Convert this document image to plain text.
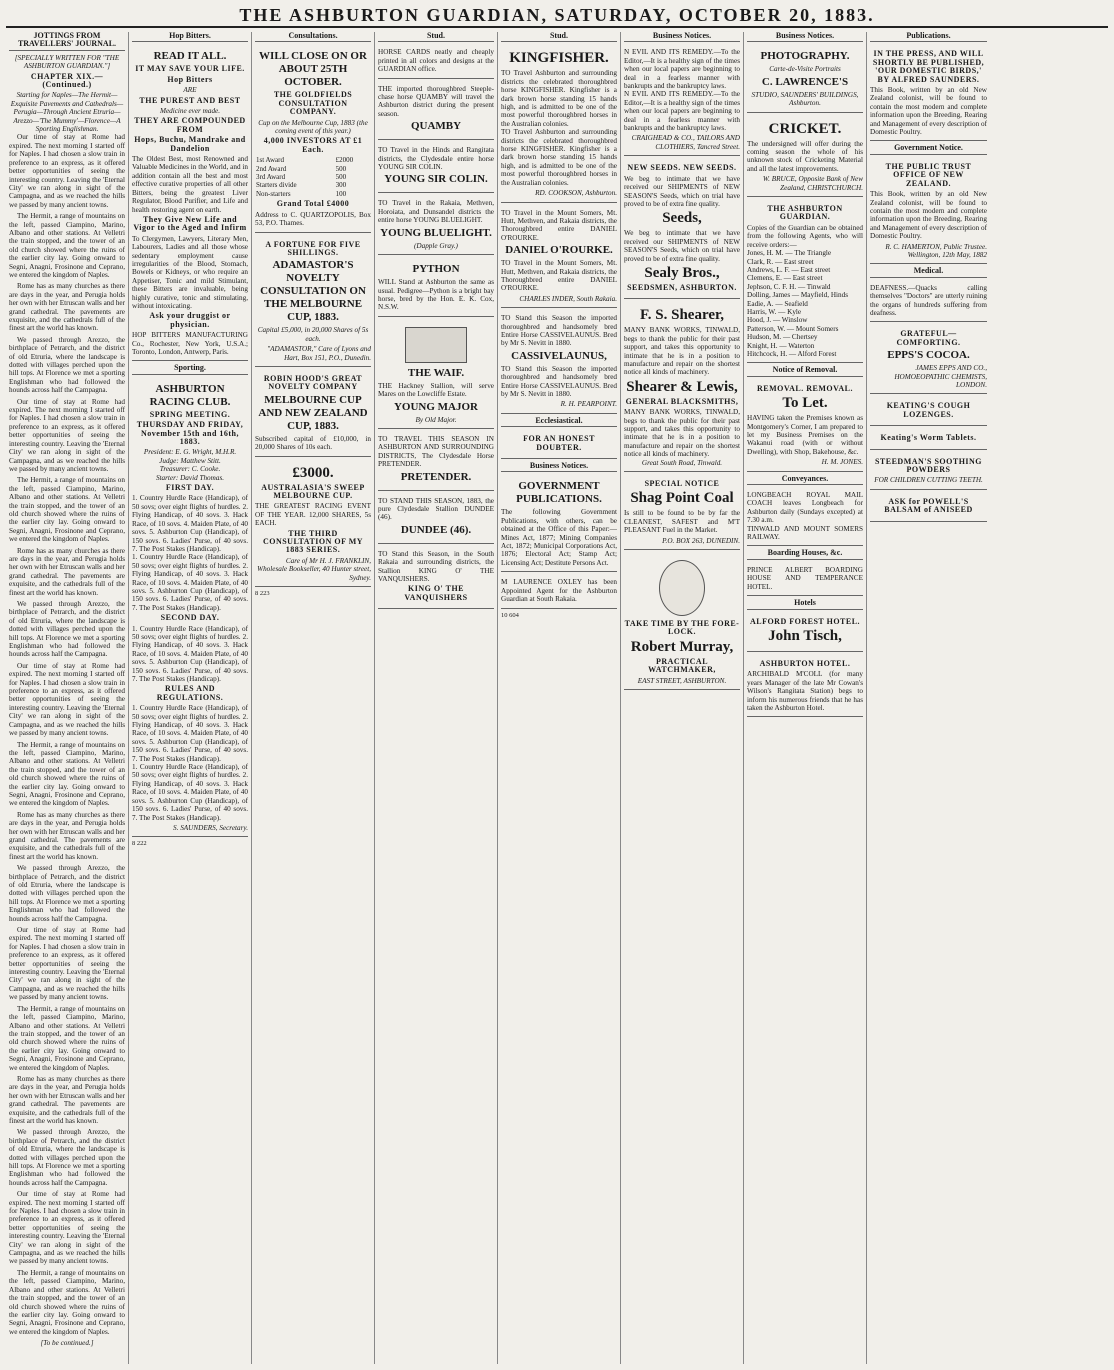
THE ASHBURTON GUARDIAN, SATURDAY, OCTOBER 20, 1883.
JOTTINGS FROM TRAVELLERS' JOURNAL.
[SPECIALLY WRITTEN FOR "THE ASHBURTON GUARDIAN."]
CHAPTER XIX.—(Continued.)
Starting for Naples—The Hermit—Exquisite Pavements and Cathedrals—Perugia—Through Ancient Etruria—Arezzo—'The Mummy'—Florence—A Sporting Englishman.

Our time of stay at Rome had expired. The next morning I started off for Naples. I had chosen a slow train in preference to an express, as it offered better opportunities of seeing the interesting country. Leaving the 'Eternal City' we ran along in sight of the Campagna, and as we reached the hills we passed by many ancient towns.

The Hermit, a range of mountains on the left, passed Ciampino, Marino, Albano and other stations. At Velletri the train stopped, and the tower of an old church showed where the ruins of the earlier city lay. Going onward to Segni, Anagni, Frosinone and Ceprano, we entered the kingdom of Naples.

Rome has as many churches as there are days in the year, and Perugia holds her own with her Etruscan walls and her grand cathedral. The pavements are exquisite, and the cathedrals full of the finest art the world has known.

We passed through Arezzo, the birthplace of Petrarch, and the district of old Etruria, where the landscape is dotted with villages perched upon the hill tops. At Florence we met a sporting Englishman who had followed the hounds across half the Campagna.

Our time of stay at Rome had expired. The next morning I started off for Naples. I had chosen a slow train in preference to an express, as it offered better opportunities of seeing the interesting country. Leaving the 'Eternal City' we ran along in sight of the Campagna, and as we reached the hills we passed by many ancient towns.

The Hermit, a range of mountains on the left, passed Ciampino, Marino, Albano and other stations. At Velletri the train stopped, and the tower of an old church showed where the ruins of the earlier city lay. Going onward to Segni, Anagni, Frosinone and Ceprano, we entered the kingdom of Naples.

Rome has as many churches as there are days in the year, and Perugia holds her own with her Etruscan walls and her grand cathedral. The pavements are exquisite, and the cathedrals full of the finest art the world has known.

We passed through Arezzo, the birthplace of Petrarch, and the district of old Etruria, where the landscape is dotted with villages perched upon the hill tops. At Florence we met a sporting Englishman who had followed the hounds across half the Campagna.

Our time of stay at Rome had expired. The next morning I started off for Naples. I had chosen a slow train in preference to an express, as it offered better opportunities of seeing the interesting country. Leaving the 'Eternal City' we ran along in sight of the Campagna, and as we reached the hills we passed by many ancient towns.

The Hermit, a range of mountains on the left, passed Ciampino, Marino, Albano and other stations. At Velletri the train stopped, and the tower of an old church showed where the ruins of the earlier city lay. Going onward to Segni, Anagni, Frosinone and Ceprano, we entered the kingdom of Naples.

Rome has as many churches as there are days in the year, and Perugia holds her own with her Etruscan walls and her grand cathedral. The pavements are exquisite, and the cathedrals full of the finest art the world has known.

We passed through Arezzo, the birthplace of Petrarch, and the district of old Etruria, where the landscape is dotted with villages perched upon the hill tops. At Florence we met a sporting Englishman who had followed the hounds across half the Campagna.

Our time of stay at Rome had expired. The next morning I started off for Naples. I had chosen a slow train in preference to an express, as it offered better opportunities of seeing the interesting country. Leaving the 'Eternal City' we ran along in sight of the Campagna, and as we reached the hills we passed by many ancient towns.

The Hermit, a range of mountains on the left, passed Ciampino, Marino, Albano and other stations. At Velletri the train stopped, and the tower of an old church showed where the ruins of the earlier city lay. Going onward to Segni, Anagni, Frosinone and Ceprano, we entered the kingdom of Naples.

Rome has as many churches as there are days in the year, and Perugia holds her own with her Etruscan walls and her grand cathedral. The pavements are exquisite, and the cathedrals full of the finest art the world has known.

We passed through Arezzo, the birthplace of Petrarch, and the district of old Etruria, where the landscape is dotted with villages perched upon the hill tops. At Florence we met a sporting Englishman who had followed the hounds across half the Campagna.

Our time of stay at Rome had expired. The next morning I started off for Naples. I had chosen a slow train in preference to an express, as it offered better opportunities of seeing the interesting country. Leaving the 'Eternal City' we ran along in sight of the Campagna, and as we reached the hills we passed by many ancient towns.

The Hermit, a range of mountains on the left, passed Ciampino, Marino, Albano and other stations. At Velletri the train stopped, and the tower of an old church showed where the ruins of the earlier city lay. Going onward to Segni, Anagni, Frosinone and Ceprano, we entered the kingdom of Naples.

[To be continued.]
Hop Bitters.
READ IT ALL.
IT MAY SAVE YOUR LIFE.
Hop Bitters
ARE
THE PUREST AND BEST
Medicine ever made.
THEY ARE COMPOUNDED FROM
Hops, Buchu, Mandrake and Dandelion
The Oldest Best, most Renowned and Valuable Medicines in the World, and in addition contain all the best and most effective curative properties of all other Bitters, being the greatest Liver Regulator, Blood Purifier, and Life and health restoring agent on earth.
They Give New Life and Vigor to the Aged and Infirm
To Clergymen, Lawyers, Literary Men, Labourers, Ladies and all those whose sedentary employment cause irregularities of the Blood, Stomach, Bowels or Kidneys, or who require an Appetiser, Tonic and mild Stimulant, these Bitters are invaluable, being highly curative, tonic and stimulating, without intoxicating.
Ask your druggist or physician.
HOP BITTERS MANUFACTURING Co., Rochester, New York, U.S.A.; Toronto, London, Antwerp, Paris.
Sporting.
ASHBURTON RACING CLUB.
SPRING MEETING.
THURSDAY AND FRIDAY, November 15th and 16th, 1883.
President: E. G. Wright, M.H.R.
Judge: Matthew Stitt.
Treasurer: C. Cooke.
Starter: David Thomas.
FIRST DAY.
1. Country Hurdle Race (Handicap), of 50 sovs; over eight flights of hurdles. 2. Flying Handicap, of 40 sovs. 3. Hack Race, of 10 sovs. 4. Maiden Plate, of 40 sovs. 5. Ashburton Cup (Handicap), of 150 sovs. 6. Ladies' Purse, of 40 sovs. 7. The Post Stakes (Handicap).
1. Country Hurdle Race (Handicap), of 50 sovs; over eight flights of hurdles. 2. Flying Handicap, of 40 sovs. 3. Hack Race, of 10 sovs. 4. Maiden Plate, of 40 sovs. 5. Ashburton Cup (Handicap), of 150 sovs. 6. Ladies' Purse, of 40 sovs. 7. The Post Stakes (Handicap).
SECOND DAY.
1. Country Hurdle Race (Handicap), of 50 sovs; over eight flights of hurdles. 2. Flying Handicap, of 40 sovs. 3. Hack Race, of 10 sovs. 4. Maiden Plate, of 40 sovs. 5. Ashburton Cup (Handicap), of 150 sovs. 6. Ladies' Purse, of 40 sovs. 7. The Post Stakes (Handicap).
RULES AND REGULATIONS.
1. Country Hurdle Race (Handicap), of 50 sovs; over eight flights of hurdles. 2. Flying Handicap, of 40 sovs. 3. Hack Race, of 10 sovs. 4. Maiden Plate, of 40 sovs. 5. Ashburton Cup (Handicap), of 150 sovs. 6. Ladies' Purse, of 40 sovs. 7. The Post Stakes (Handicap).
1. Country Hurdle Race (Handicap), of 50 sovs; over eight flights of hurdles. 2. Flying Handicap, of 40 sovs. 3. Hack Race, of 10 sovs. 4. Maiden Plate, of 40 sovs. 5. Ashburton Cup (Handicap), of 150 sovs. 6. Ladies' Purse, of 40 sovs. 7. The Post Stakes (Handicap).
S. SAUNDERS, Secretary.
8 222
Consultations.
WILL CLOSE ON OR ABOUT 25TH OCTOBER.
THE GOLDFIELDS CONSULTATION COMPANY.
Cup on the Melbourne Cup, 1883 (the coming event of this year.)
4,000 INVESTORS AT £1 Each.
1st Award	£2000
2nd Award	500
3rd Award	500
Starters divide	300
Non-starters	100
Grand Total £4000
Address to C. QUARTZOPOLIS, Box 53, P.O. Thames.
A FORTUNE FOR FIVE SHILLINGS.
ADAMASTOR'S NOVELTY CONSULTATION ON THE MELBOURNE CUP, 1883.
Capital £5,000, in 20,000 Shares of 5s each.
"ADAMASTOR," Care of Lyons and Hart, Box 151, P.O., Dunedin.
ROBIN HOOD'S GREAT NOVELTY COMPANY
MELBOURNE CUP AND NEW ZEALAND CUP, 1883.
Subscribed capital of £10,000, in 20,000 Shares of 10s each.
£3000.
AUSTRALASIA'S SWEEP MELBOURNE CUP.
THE GREATEST RACING EVENT OF THE YEAR. 12,000 SHARES, 5s EACH.
THE THIRD CONSULTATION OF MY 1883 SERIES.
Care of Mr H. J. FRANKLIN, Wholesale Bookseller, 40 Hunter street, Sydney.
8 223
Stud.
HORSE CARDS neatly and cheaply printed in all colors and designs at the GUARDIAN office.
THE imported thoroughbred Steeple-chase horse QUAMBY will travel the Ashburton district during the present season.
QUAMBY
TO Travel in the Hinds and Rangitata districts, the Clydesdale entire horse YOUNG SIR COLIN.
YOUNG SIR COLIN.
TO Travel in the Rakaia, Methven, Horoiata, and Dunsandel districts the entire horse YOUNG BLUELIGHT.
YOUNG BLUELIGHT.
(Dapple Gray.)
PYTHON
WILL Stand at Ashburton the same as usual. Pedigree—Python is a bright bay horse, bred by the Hon. E. K. Cox, N.S.W.
THE WAIF.
THE Hackney Stallion, will serve Mares on the Lowcliffe Estate.
YOUNG MAJOR
By Old Major.
TO TRAVEL THIS SEASON IN ASHBURTON AND SURROUNDING DISTRICTS, The Clydesdale Horse PRETENDER.
PRETENDER.
TO STAND THIS SEASON, 1883, the pure Clydesdale Stallion DUNDEE (46).
DUNDEE (46).
TO Stand this Season, in the South Rakaia and surrounding districts, the Stallion KING O' THE VANQUISHERS.
KING O' THE VANQUISHERS
Stud.
KINGFISHER.
TO Travel Ashburton and surrounding districts the celebrated thoroughbred horse KINGFISHER. Kingfisher is a dark brown horse standing 15 hands high, and is admitted to be one of the most powerful thoroughbred horses in the Australian colonies.
TO Travel Ashburton and surrounding districts the celebrated thoroughbred horse KINGFISHER. Kingfisher is a dark brown horse standing 15 hands high, and is admitted to be one of the most powerful thoroughbred horses in the Australian colonies.
RD. COOKSON, Ashburton.
TO Travel in the Mount Somers, Mt. Hutt, Methven, and Rakaia districts, the Thoroughbred entire DANIEL O'ROURKE.
DANIEL O'ROURKE.
TO Travel in the Mount Somers, Mt. Hutt, Methven, and Rakaia districts, the Thoroughbred entire DANIEL O'ROURKE.
CHARLES INDER, South Rakaia.
TO Stand this Season the imported thoroughbred and handsomely bred Entire Horse CASSIVELAUNUS. Bred by Mr S. Nevitt in 1880.
CASSIVELAUNUS,
TO Stand this Season the imported thoroughbred and handsomely bred Entire Horse CASSIVELAUNUS. Bred by Mr S. Nevitt in 1880.
R. H. PEARPOINT.
Ecclesiastical.
FOR AN HONEST DOUBTER.
Business Notices.
GOVERNMENT PUBLICATIONS.
The following Government Publications, with others, can be obtained at the Office of this Paper:—Mines Act, 1877; Mining Companies Act, 1872; Municipal Corporations Act, 1876; Electoral Act; Stamp Act; Licensing Act; Destitute Persons Act.
M LAURENCE OXLEY has been Appointed Agent for the Ashburton Guardian at South Rakaia.
10 604
Business Notices.
N EVIL AND ITS REMEDY.—To the Editor,—It is a healthy sign of the times when our local papers are beginning to deal in a fearless manner with bankrupts and the bankruptcy laws.
N EVIL AND ITS REMEDY.—To the Editor,—It is a healthy sign of the times when our local papers are beginning to deal in a fearless manner with bankrupts and the bankruptcy laws.
CRAIGHEAD & CO., TAILORS AND CLOTHIERS, Tancred Street.
NEW SEEDS. NEW SEEDS.
We beg to intimate that we have received our SHIPMENTS of NEW SEASON'S Seeds, which on trial have proved to be of extra fine quality.
Seeds,
We beg to intimate that we have received our SHIPMENTS of NEW SEASON'S Seeds, which on trial have proved to be of extra fine quality.
Sealy Bros.,
SEEDSMEN, ASHBURTON.
F. S. Shearer,
MANY BANK WORKS, TINWALD, begs to thank the public for their past support, and takes this opportunity to intimate that he is in a position to manufacture and repair on the shortest notice all kinds of machinery.
Shearer & Lewis,
GENERAL BLACKSMITHS,
MANY BANK WORKS, TINWALD, begs to thank the public for their past support, and takes this opportunity to intimate that he is in a position to manufacture and repair on the shortest notice all kinds of machinery.
Great South Road, Tinwald.
SPECIAL NOTICE
Shag Point Coal
Is still to be found to be by far the CLEANEST, SAFEST and M'T PLEASANT Fuel in the Market.
P.O. BOX 263, DUNEDIN.
TAKE TIME BY THE FORE-LOCK.
Robert Murray,
PRACTICAL WATCHMAKER,
EAST STREET, ASHBURTON.
Business Notices.
PHOTOGRAPHY.
Carte-de-Visite Portraits
C. LAWRENCE'S
STUDIO, SAUNDERS' BUILDINGS, Ashburton.
CRICKET.
The undersigned will offer during the coming season the whole of his unknown stock of Cricketing Material and all the latest improvements.
W. BRUCE, Opposite Bank of New Zealand, CHRISTCHURCH.
THE ASHBURTON GUARDIAN.
Copies of the Guardian can be obtained from the following Agents, who will receive orders:—
Jones, H. M. — The Triangle
Clark, R. — East street
Andrews, L. F. — East street
Clemens, E. — East street
Jephson, C. F. H. — Tinwald
Dolling, James — Mayfield, Hinds
Eadie, A. — Seafield
Harris, W. — Kyle
Hood, J. — Winslow
Patterson, W. — Mount Somers
Hudson, M. — Chertsey
Knight, H. — Waterton
Hitchcock, H. — Alford Forest
Notice of Removal.
REMOVAL. REMOVAL.
To Let.
HAVING taken the Premises known as Montgomery's Corner, I am prepared to let my Business Premises on the Wakanui road (with or without Dwelling), with Shop, Bakehouse, &c.
H. M. JONES.
Conveyances.
LONGBEACH ROYAL MAIL COACH leaves Longbeach for Ashburton daily (Sundays excepted) at 7.30 a.m.
TINWALD AND MOUNT SOMERS RAILWAY.
Boarding Houses, &c.
PRINCE ALBERT BOARDING HOUSE AND TEMPERANCE HOTEL.
Hotels
ALFORD FOREST HOTEL.
John Tisch,
ASHBURTON HOTEL.
ARCHIBALD M'COLL (for many years Manager of the late Mr Cowan's Wilson's Rangitata Station) begs to inform his numerous friends that he has taken the Ashburton Hotel.
Publications.
IN THE PRESS, AND WILL SHORTLY BE PUBLISHED, 'OUR DOMESTIC BIRDS,' BY ALFRED SAUNDERS.
This Book, written by an old New Zealand colonist, will be found to contain the most modern and complete information upon the Breeding, Rearing and Management of every description of Domestic Poultry.
Government Notice.
THE PUBLIC TRUST OFFICE OF NEW ZEALAND.
This Book, written by an old New Zealand colonist, will be found to contain the most modern and complete information upon the Breeding, Rearing and Management of every description of Domestic Poultry.
R. C. HAMERTON, Public Trustee. Wellington, 12th May, 1882
Medical.
DEAFNESS.—Quacks calling themselves "Doctors" are utterly ruining the organs of hundreds suffering from deafness.
GRATEFUL—COMFORTING.
EPPS'S COCOA.
JAMES EPPS AND CO., HOMOEOPATHIC CHEMISTS, LONDON.
KEATING'S COUGH LOZENGES.
Keating's Worm Tablets.
STEEDMAN'S SOOTHING POWDERS
FOR CHILDREN CUTTING TEETH.
ASK for POWELL'S BALSAM of ANISEED
